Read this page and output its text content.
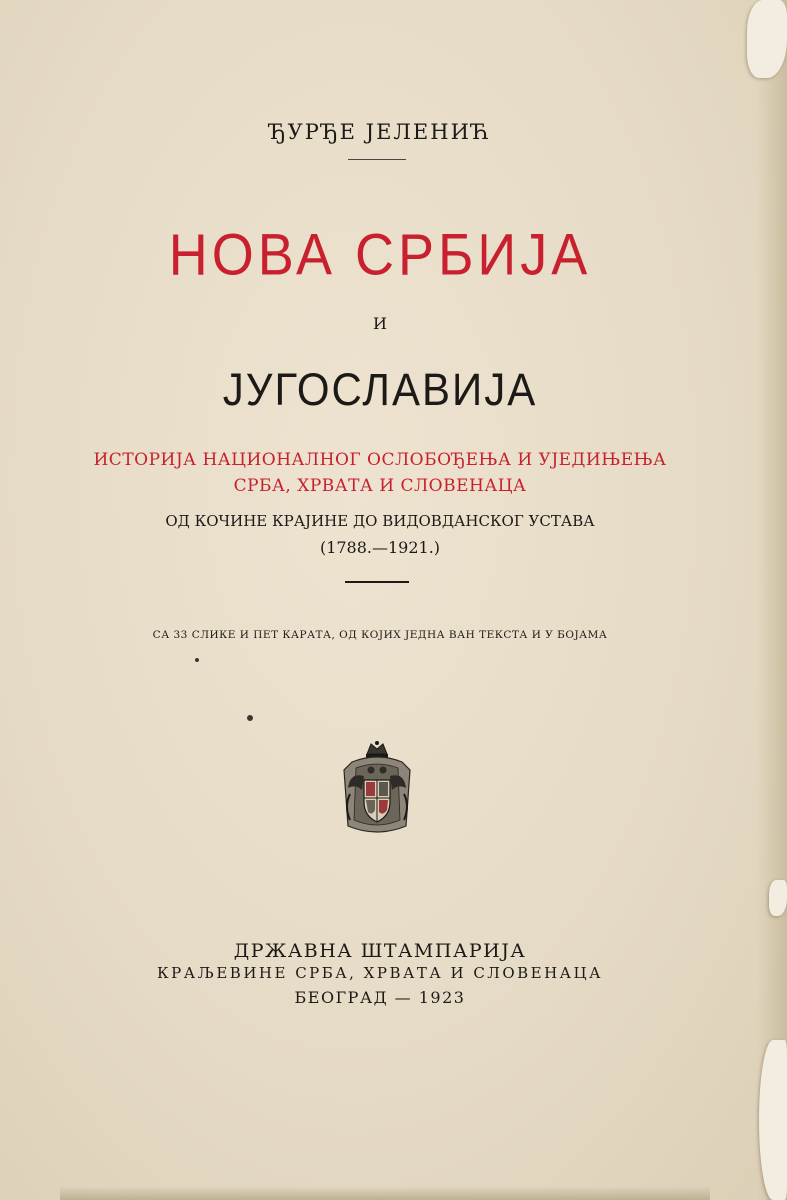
ЂУРЂЕ ЈЕЛЕНИЋ
НОВА СРБИЈА
И
ЈУГОСЛАВИЈА
ИСТОРИЈА НАЦИОНАЛНОГ ОСЛОБОЂЕЊА И УЈЕДИЊЕЊА
СРБА, ХРВАТА И СЛОВЕНАЦА
ОД КОЧИНЕ КРАЈИНЕ ДО ВИДОВДАНСКОГ УСТАВА
(1788.—1921.)
СА 33 СЛИКЕ И ПЕТ КАРАТА, ОД КОЈИХ ЈЕДНА ВАН ТЕКСТА И У БОЈАМА
ДРЖАВНА ШТАМПАРИЈА
КРАЉЕВИНЕ СРБА, ХРВАТА И СЛОВЕНАЦА
БЕОГРАД — 1923
